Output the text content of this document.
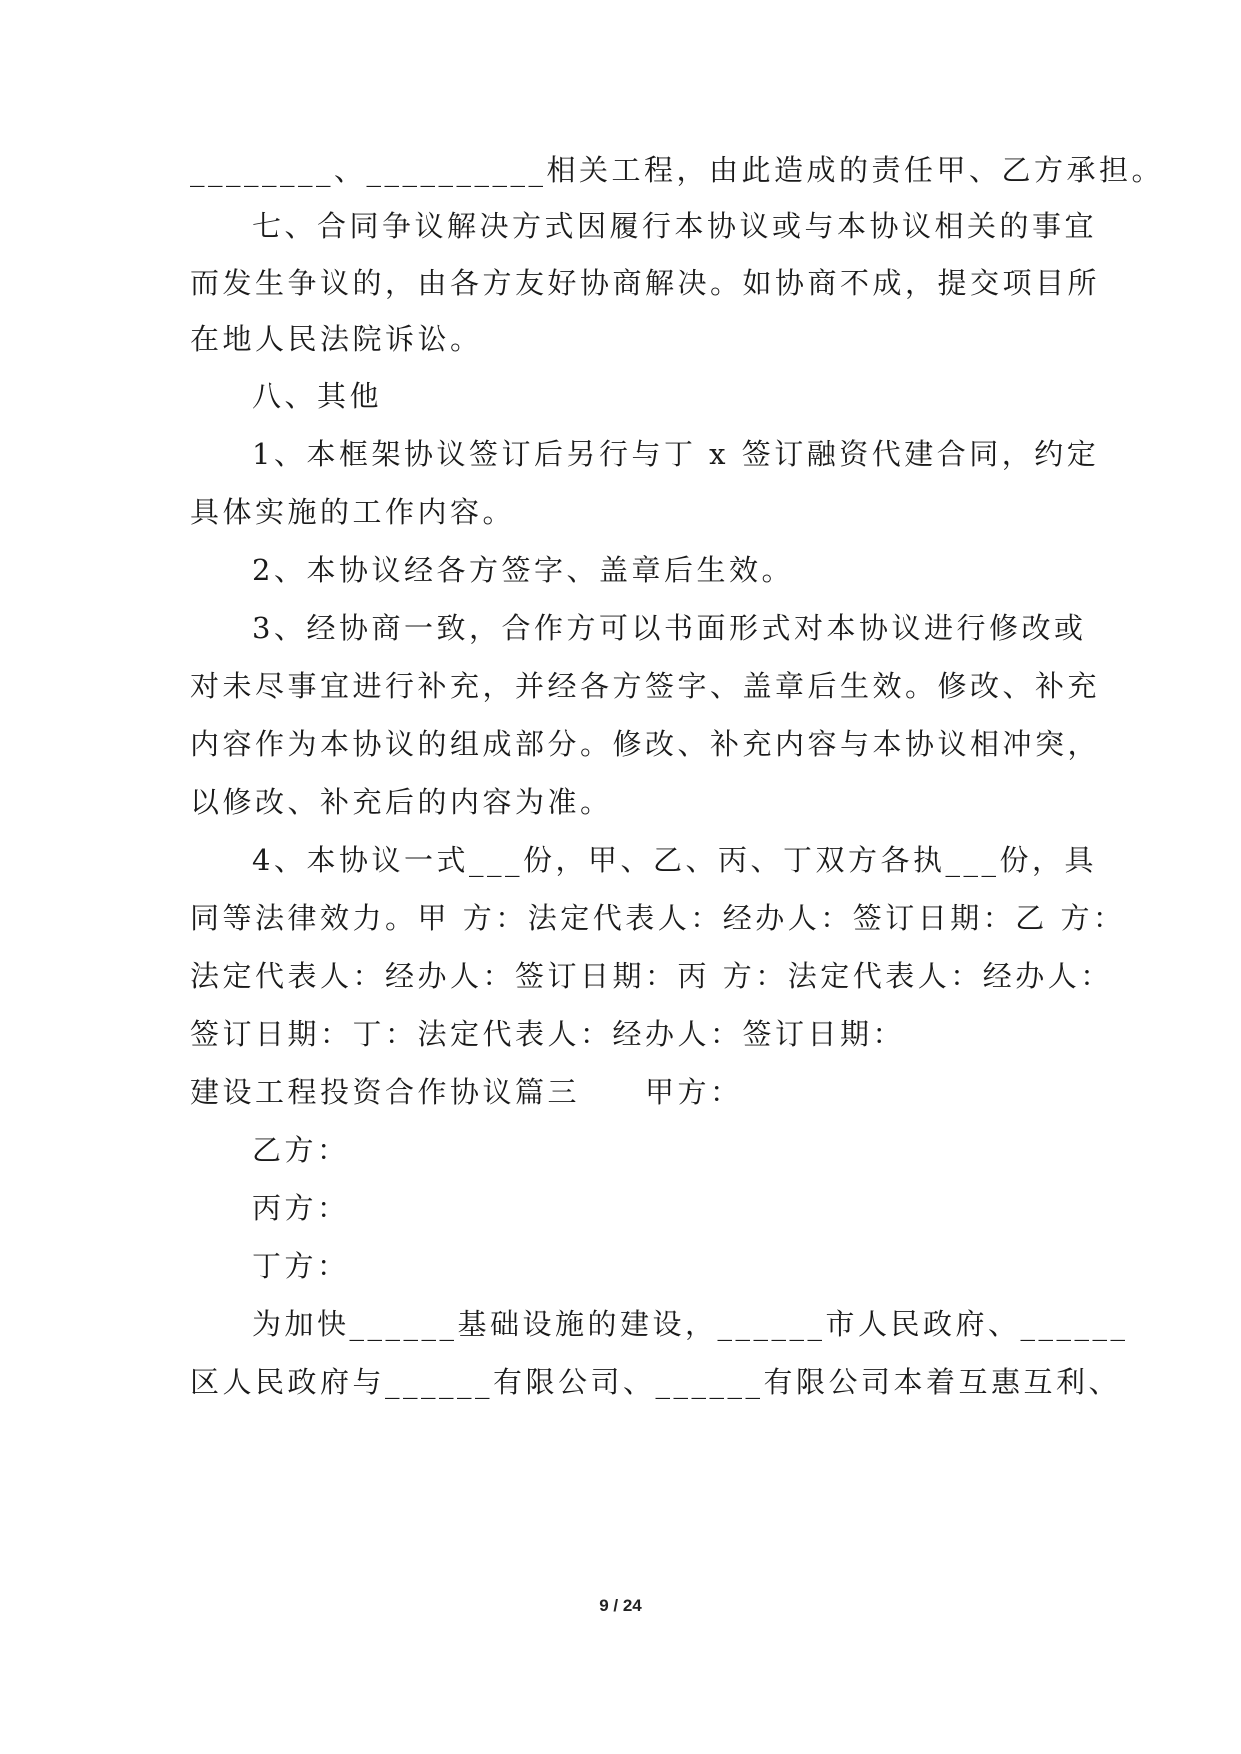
________、__________相关工程，由此造成的责任甲、乙方承担。
七、合同争议解决方式因履行本协议或与本协议相关的事宜
而发生争议的，由各方友好协商解决。如协商不成，提交项目所
在地人民法院诉讼。
八、其他
1、本框架协议签订后另行与丁 x 签订融资代建合同，约定
具体实施的工作内容。
2、本协议经各方签字、盖章后生效。
3、经协商一致，合作方可以书面形式对本协议进行修改或
对未尽事宜进行补充，并经各方签字、盖章后生效。修改、补充
内容作为本协议的组成部分。修改、补充内容与本协议相冲突，
以修改、补充后的内容为准。
4、本协议一式___份，甲、乙、丙、丁双方各执___份，具
同等法律效力。甲 方：法定代表人：经办人：签订日期：乙 方：
法定代表人：经办人：签订日期：丙 方：法定代表人：经办人：
签订日期：丁：法定代表人：经办人：签订日期：
建设工程投资合作协议篇三　　甲方：
乙方：
丙方：
丁方：
为加快______基础设施的建设，______市人民政府、______
区人民政府与______有限公司、______有限公司本着互惠互利、
9 / 24
